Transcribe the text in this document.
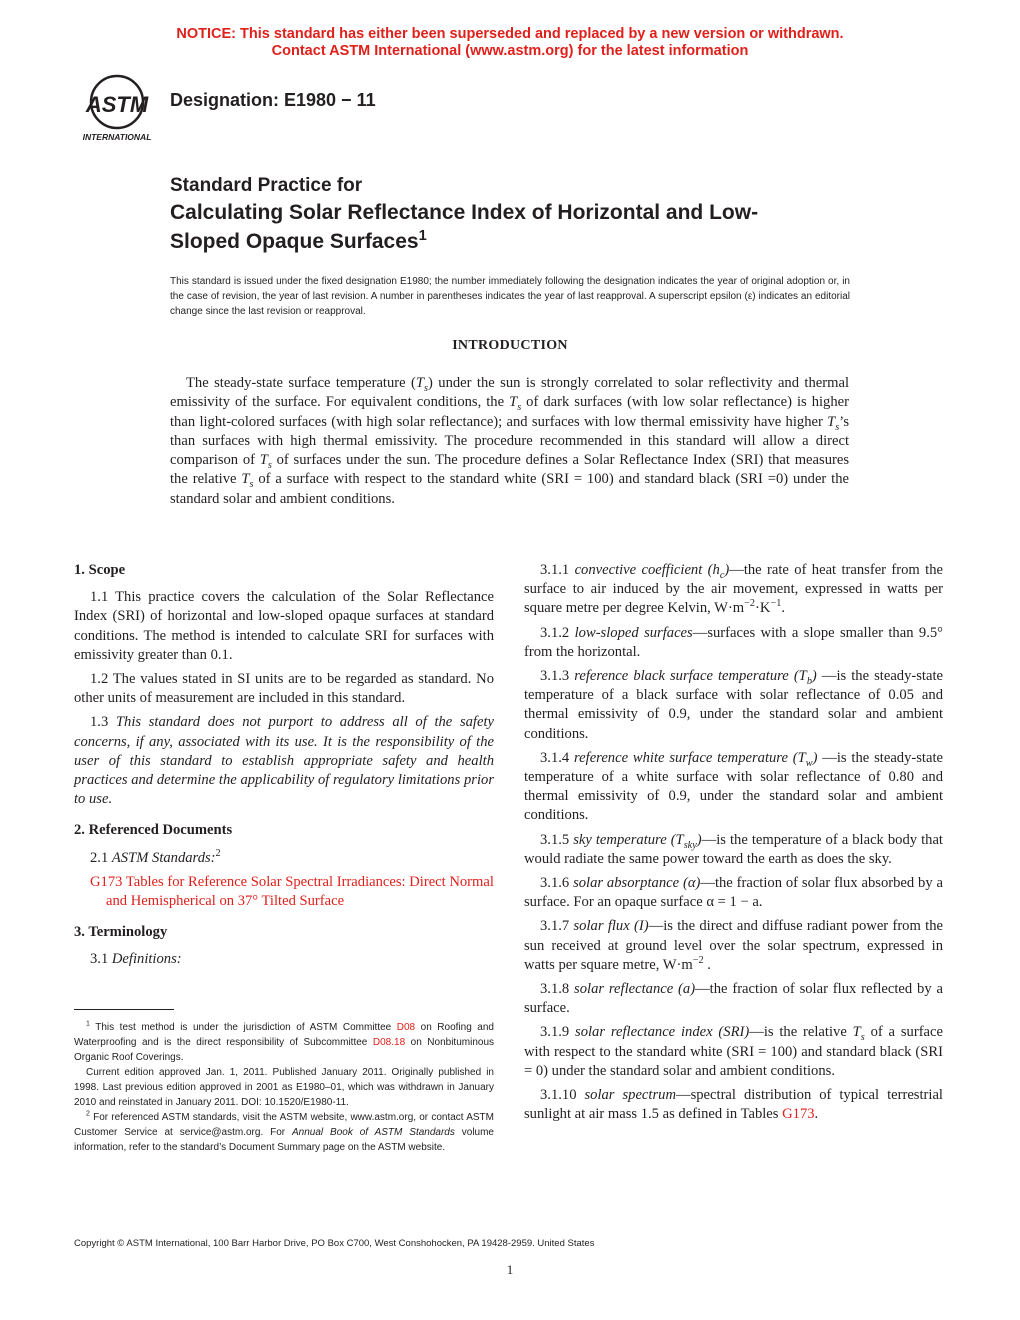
NOTICE: This standard has either been superseded and replaced by a new version or withdrawn.
Contact ASTM International (www.astm.org) for the latest information
ASTM
INTERNATIONAL
Designation: E1980 − 11
Standard Practice for
Calculating Solar Reflectance Index of Horizontal and Low-
Sloped Opaque Surfaces$^1$
This standard is issued under the fixed designation E1980; the number immediately following the designation indicates the year of original adoption or, in the case of revision, the year of last revision. A number in parentheses indicates the year of last reapproval. A superscript epsilon (ε) indicates an editorial change since the last revision or reapproval.
INTRODUCTION
The steady-state surface temperature $(T_s)$ under the sun is strongly correlated to solar reflectivity and thermal emissivity of the surface. For equivalent conditions, the $T_s$ of dark surfaces (with low solar reflectance) is higher than light-colored surfaces (with high solar reflectance); and surfaces with low thermal emissivity have higher $T_s’s$ than surfaces with high thermal emissivity. The procedure recommended in this standard will allow a direct comparison of $T_s$ of surfaces under the sun. The procedure defines a Solar Reflectance Index (SRI) that measures the relative $T_s$ of a surface with respect to the standard white (SRI = 100) and standard black (SRI =0) under the standard solar and ambient conditions.

1. Scope

1.1 This practice covers the calculation of the Solar Reflectance Index (SRI) of horizontal and low-sloped opaque surfaces at standard conditions. The method is intended to calculate SRI for surfaces with emissivity greater than 0.1.

1.2 The values stated in SI units are to be regarded as standard. No other units of measurement are included in this standard.

1.3 This standard does not purport to address all of the safety concerns, if any, associated with its use. It is the responsibility of the user of this standard to establish appropriate safety and health practices and determine the applicability of regulatory limitations prior to use.

2. Referenced Documents

2.1 ASTM Standards:$^2$

G173 Tables for Reference Solar Spectral Irradiances: Direct Normal and Hemispherical on 37° Tilted Surface

3. Terminology

3.1 Definitions:

$^1$ This test method is under the jurisdiction of ASTM Committee D08 on Roofing and Waterproofing and is the direct responsibility of Subcommittee D08.18 on Nonbituminous Organic Roof Coverings.

Current edition approved Jan. 1, 2011. Published January 2011. Originally published in 1998. Last previous edition approved in 2001 as E1980–01, which was withdrawn in January 2010 and reinstated in January 2011. DOI: 10.1520/E1980-11.

$^2$ For referenced ASTM standards, visit the ASTM website, www.astm.org, or contact ASTM Customer Service at service@astm.org. For Annual Book of ASTM Standards volume information, refer to the standard’s Document Summary page on the ASTM website.

3.1.1 convective coefficient $(h_c)—the$ rate of heat transfer from the surface to air induced by the air movement, expressed in watts per square metre per degree Kelvin, $W\cdot m^{-2}\cdot K^{-1}$.

3.1.2 low-sloped surfaces—surfaces with a slope smaller than 9.5° from the horizontal.

3.1.3 reference black surface temperature $(T_b)$ —is the steady-state temperature of a black surface with solar reflectance of 0.05 and thermal emissivity of 0.9, under the standard solar and ambient conditions.

3.1.4 reference white surface temperature $(T_w)$ —is the steady-state temperature of a white surface with solar reflectance of 0.80 and thermal emissivity of 0.9, under the standard solar and ambient conditions.

3.1.5 sky temperature $(T_{sky})—is$ the temperature of a black body that would radiate the same power toward the earth as does the sky.

3.1.6 solar absorptance (α)—the fraction of solar flux absorbed by a surface. For an opaque surface α = 1 − a.

3.1.7 solar flux (I)—is the direct and diffuse radiant power from the sun received at ground level over the solar spectrum, expressed in watts per square metre, $W\cdot m^{-2}$ .

3.1.8 solar reflectance (a)—the fraction of solar flux reflected by a surface.

3.1.9 solar reflectance index (SRI)—is the relative $T_s$ of a surface with respect to the standard white (SRI = 100) and standard black (SRI = 0) under the standard solar and ambient conditions.

3.1.10 solar spectrum—spectral distribution of typical terrestrial sunlight at air mass 1.5 as defined in Tables G173.

Copyright © ASTM International, 100 Barr Harbor Drive, PO Box C700, West Conshohocken, PA 19428-2959. United States
1
